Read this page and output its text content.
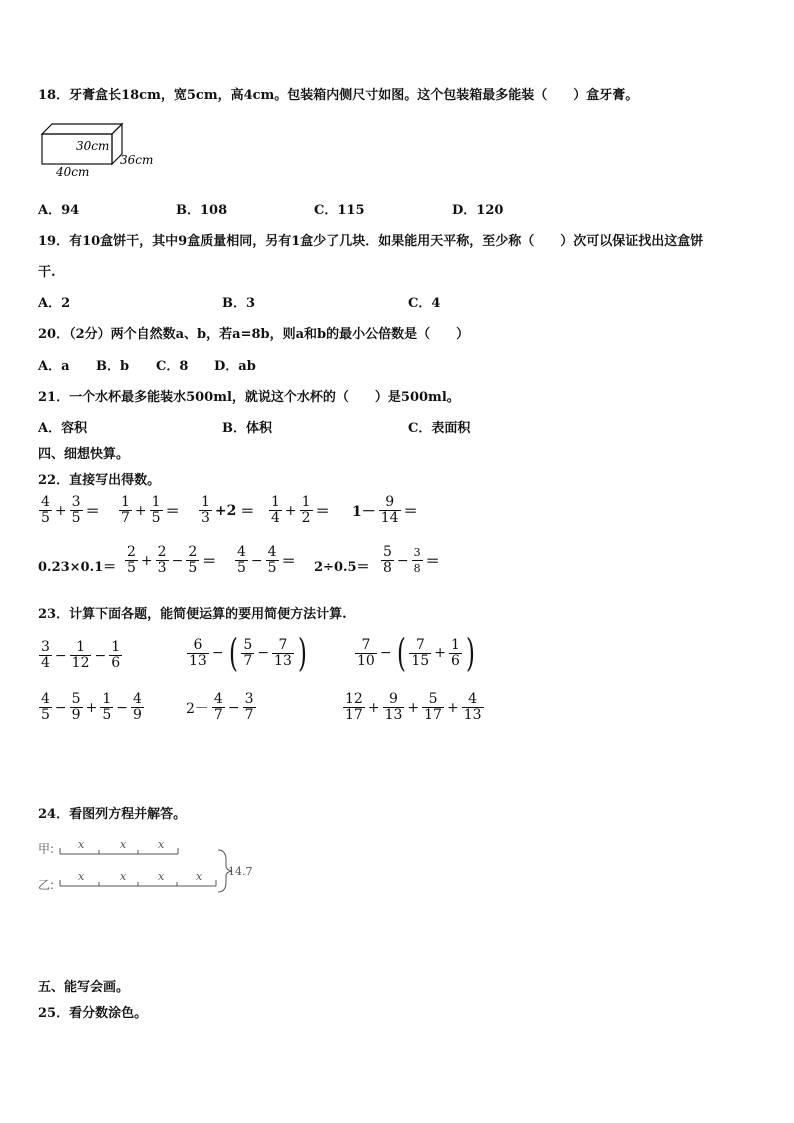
18．牙膏盒长18cm，宽5cm，高4cm。包装箱内侧尺寸如图。这个包装箱最多能装（　　）盒牙膏。
30cm
36cm
40cm
A．94	B．108	C．115	D．120
19．有10盒饼干，其中9盒质量相同，另有1盒少了几块．如果能用天平称，至少称（　　）次可以保证找出这盒饼
干.
A．2	B．3	C．4
20．（2分）两个自然数a、b，若a=8b，则a和b的最小公倍数是（　　）
A．a B．b C．8 D．ab
21．一个水杯最多能装水500ml，就说这个水杯的（　　）是500ml。
A．容积	B．体积	C．表面积
四、细想快算。
22．直接写出得数。
$\frac{4}{5} + \frac{3}{5} = \frac{1}{7} + \frac{1}{5} = \frac{1}{3} +2 = \frac{1}{4} + \frac{1}{2} = 1- \frac{9}{14}$ ＝
$0.23\times 0.1= \frac{2}{5} + \frac{2}{3} - \frac{2}{5} = \frac{4}{5} - \frac{4}{5} = 2\div 0.5= \frac{5}{8} - \frac{3}{8}$ ＝
23．计算下面各题，能简便运算的要用简便方法计算.
$\frac{3}{4} - \frac{1}{12} - \frac{1}{6}$	$\frac{6}{13}$ − ( $\frac{5}{7} - \frac{7}{13}$ )	$\frac{7}{10}$ − ( $\frac{7}{15} + \frac{1}{6}$ )
$\frac{4}{5} - \frac{5}{9} + \frac{1}{5} - \frac{4}{9}$	$2- \frac{4}{7} - \frac{3}{7}$	$\frac{12}{17} + \frac{9}{13} + \frac{5}{17} + \frac{4}{13}$
24．看图列方程并解答。
甲: x	x	x
乙:
x	x	x	x 14.7
五、能写会画。
25．看分数涂色。
